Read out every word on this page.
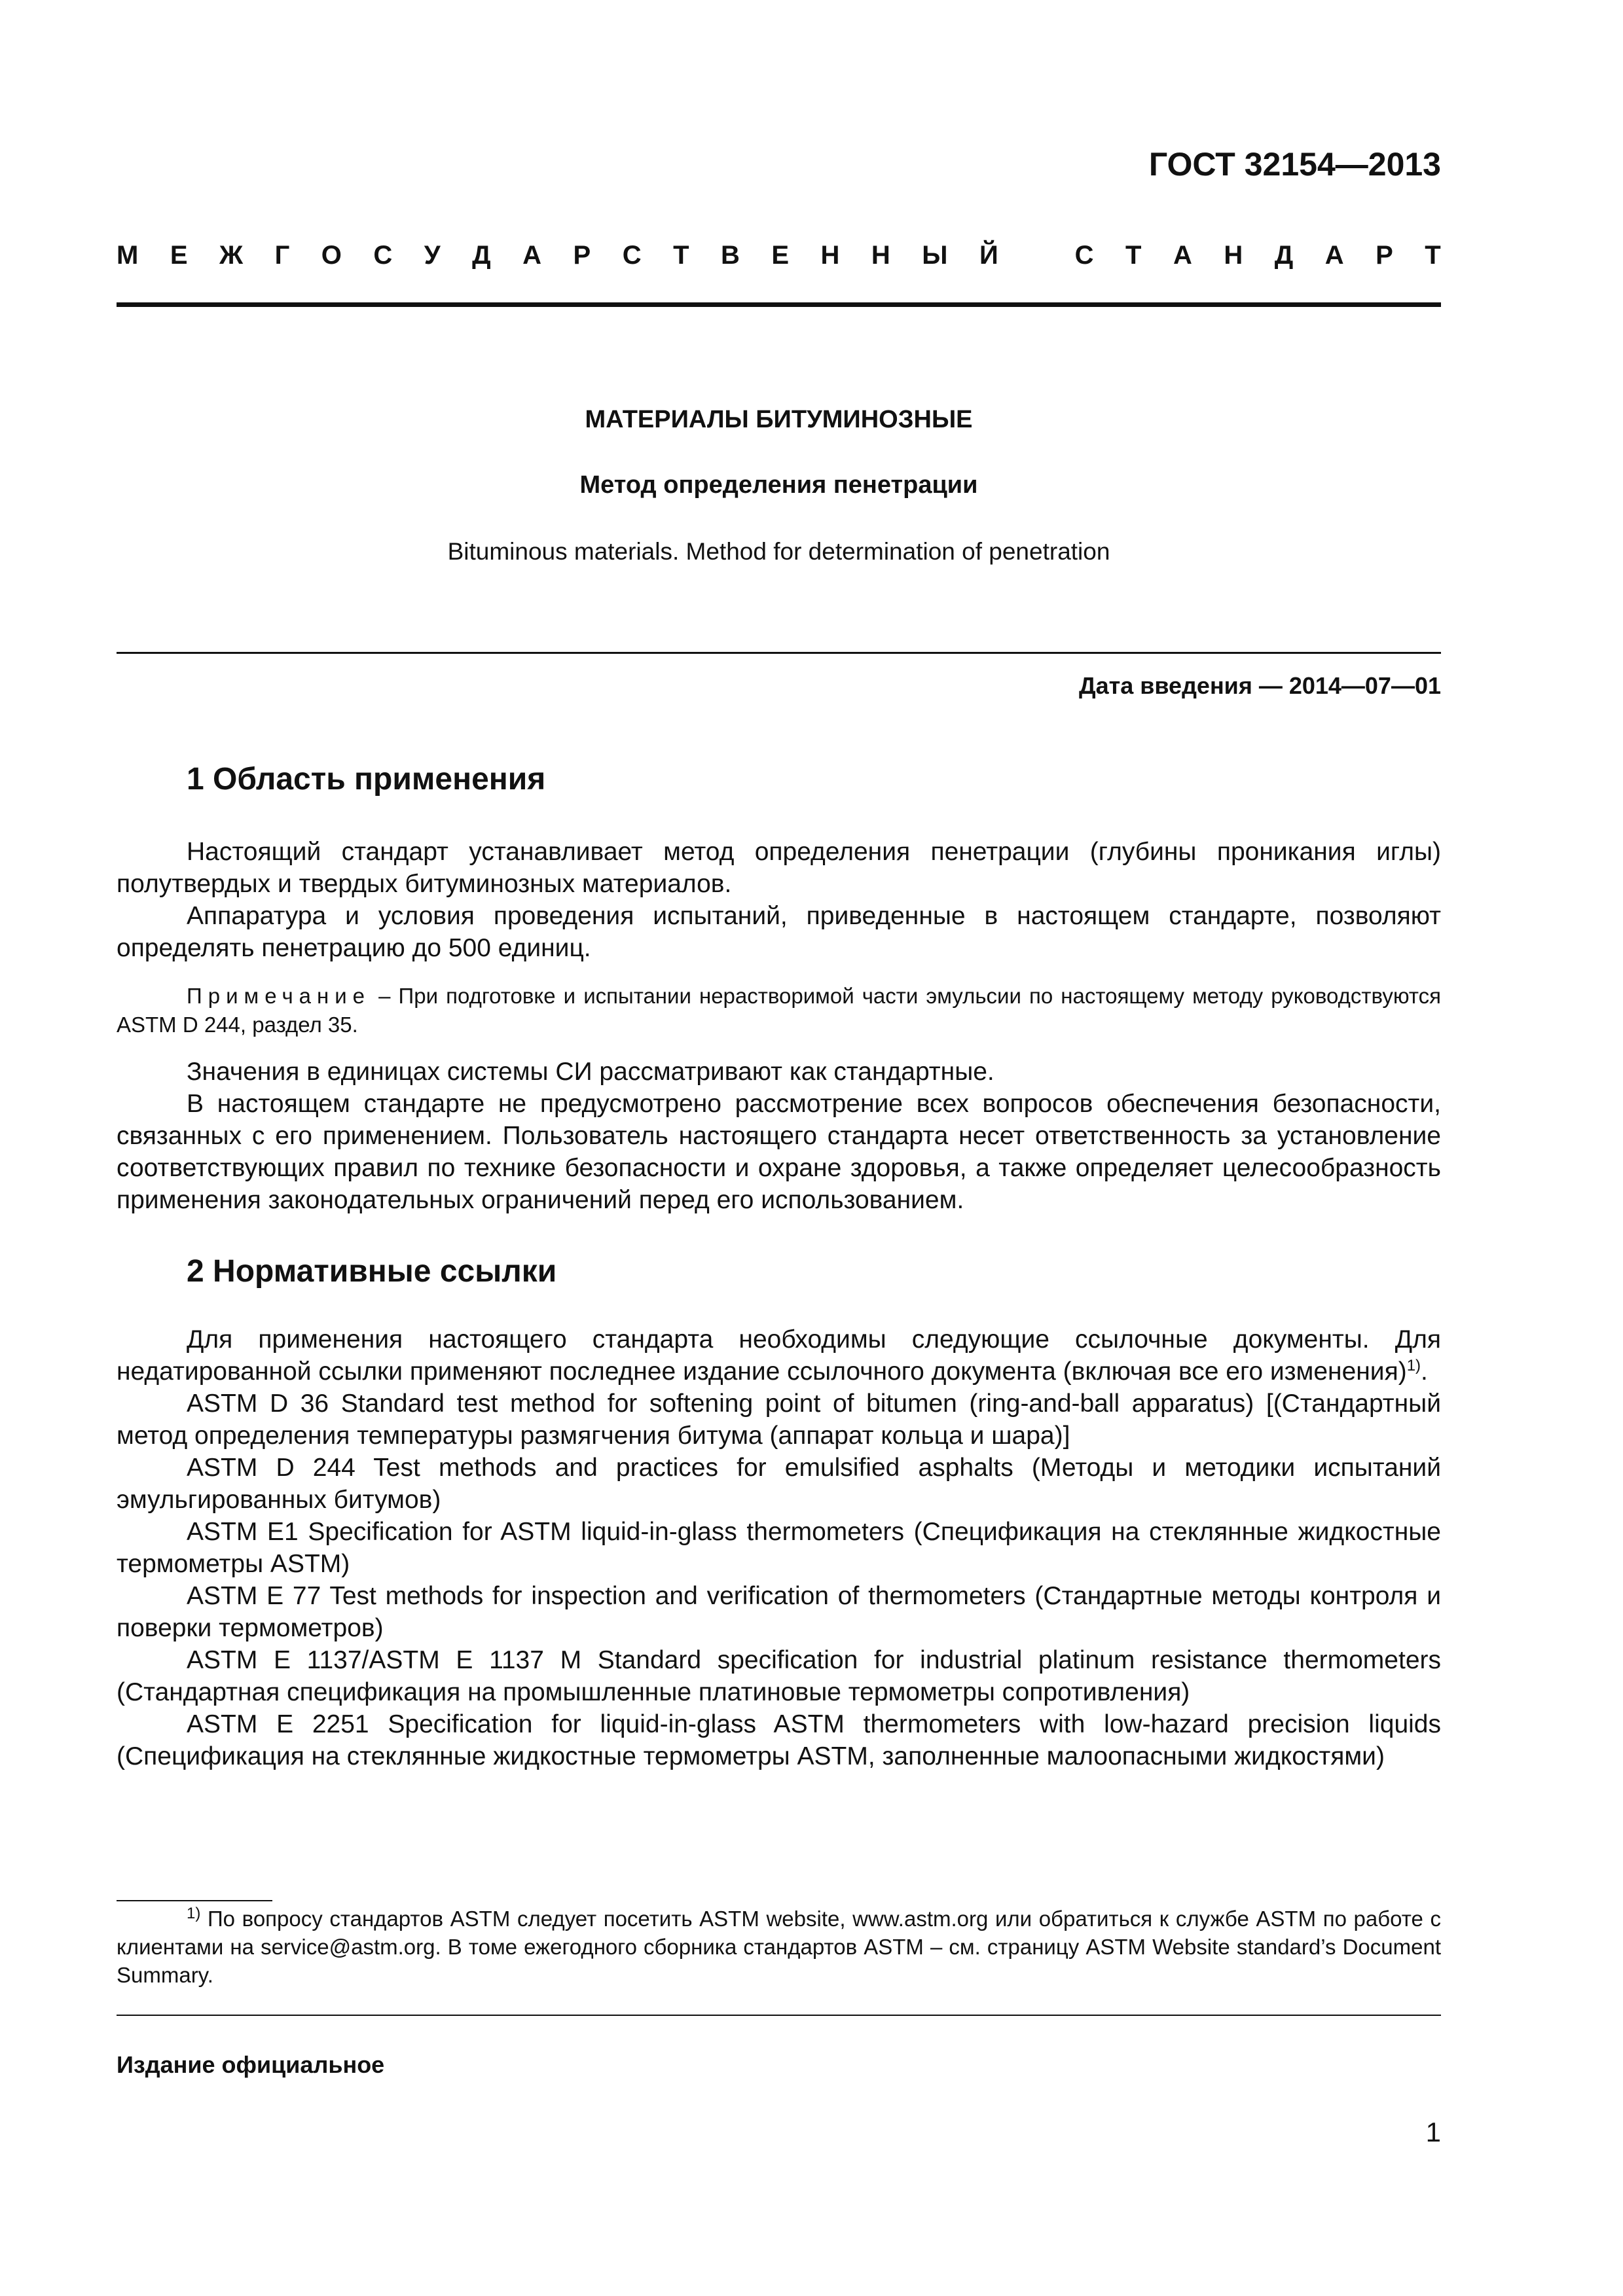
ГОСТ 32154—2013
М Е Ж Г О С У Д А Р С Т В Е Н Н Ы Й	С Т А Н Д А Р Т
МАТЕРИАЛЫ БИТУМИНОЗНЫЕ
Метод определения пенетрации
Bituminous materials. Method for determination of penetration
Дата введения — 2014—07—01
1 Область применения

Настоящий стандарт устанавливает метод определения пенетрации (глубины проникания иглы) полутвердых и твердых битуминозных материалов.

Аппаратура и условия проведения испытаний, приведенные в настоящем стандарте, позволяют определять пенетрацию до 500 единиц.

Примечание – При подготовке и испытании нерастворимой части эмульсии по настоящему методу руководствуются ASTM D 244, раздел 35.

Значения в единицах системы СИ рассматривают как стандартные.

В настоящем стандарте не предусмотрено рассмотрение всех вопросов обеспечения безопасности, связанных с его применением. Пользователь настоящего стандарта несет ответственность за установление соответствующих правил по технике безопасности и охране здоровья, а также определяет целесообразность применения законодательных ограничений перед его использованием.

2 Нормативные ссылки

Для применения настоящего стандарта необходимы следующие ссылочные документы. Для недатированной ссылки применяют последнее издание ссылочного документа (включая все его изменения)$^{1)}$.

ASTM D 36 Standard test method for softening point of bitumen (ring-and-ball apparatus) [(Стандартный метод определения температуры размягчения битума (аппарат кольца и шара)]

ASTM D 244 Test methods and practices for emulsified asphalts (Методы и методики испытаний эмульгированных битумов)

ASTM E1 Specification for ASTM liquid-in-glass thermometers (Спецификация на стеклянные жидкостные термометры ASTM)

ASTM E 77 Test methods for inspection and verification of thermometers (Стандартные методы контроля и поверки термометров)

ASTM E 1137/ASTM E 1137 M Standard specification for industrial platinum resistance thermometers (Стандартная спецификация на промышленные платиновые термометры сопротивления)

ASTM E 2251 Specification for liquid-in-glass ASTM thermometers with low-hazard precision liquids (Спецификация на стеклянные жидкостные термометры ASTM, заполненные малоопасными жидкостями)

$^{1)}$ По вопросу стандартов ASTM следует посетить ASTM website, www.astm.org или обратиться к службе ASTM по работе с клиентами на service@astm.org. В томе ежегодного сборника стандартов ASTM – см. страницу ASTM Website standard’s Document Summary.

Издание официальное
1
